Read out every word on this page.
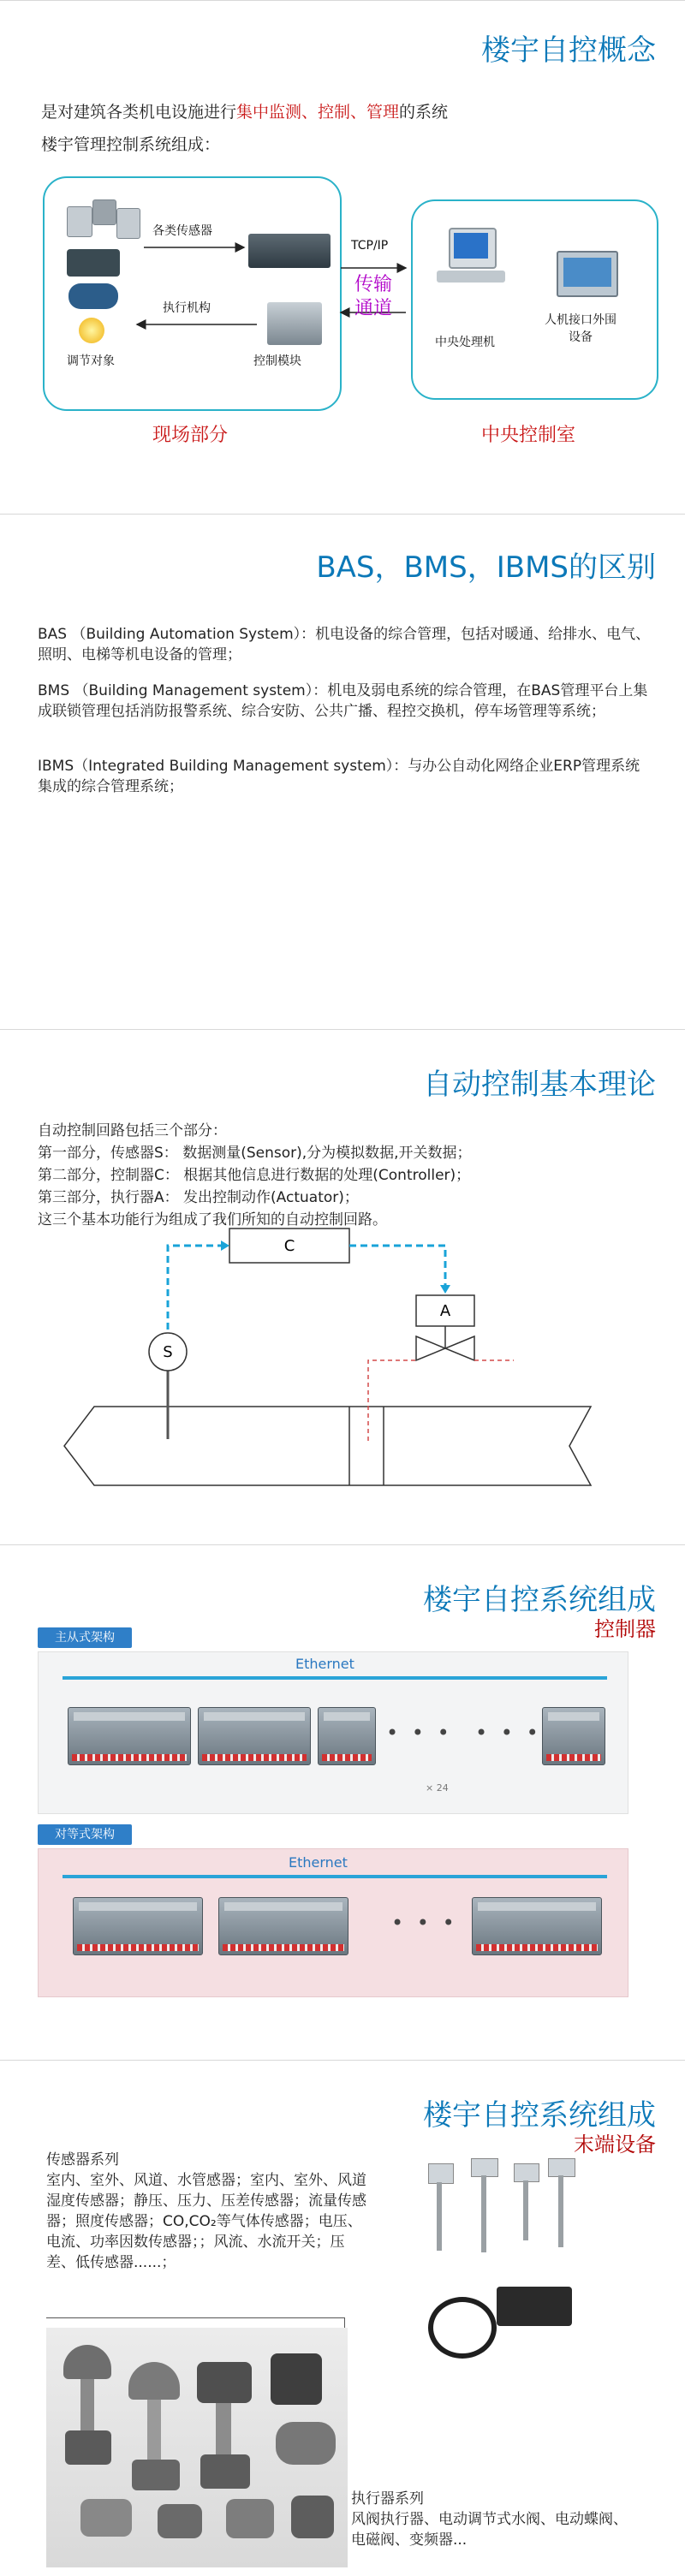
楼宇自控概念
是对建筑各类机电设施进行集中监测、控制、管理的系统
楼宇管理控制系统组成：
调节对象
各类传感器
执行机构
控制模块
TCP/IP
传输
通道
中央处理机
人机接口外围
设备
现场部分	中央控制室
BAS，BMS，IBMS的区别
BAS （Building Automation System）：机电设备的综合管理，包括对暖通、给排水、电气、照明、电梯等机电设备的管理；
BMS （Building Management system）：机电及弱电系统的综合管理，在BAS管理平台上集成联锁管理包括消防报警系统、综合安防、公共广播、程控交换机，停车场管理等系统；
IBMS（Integrated Building Management system）：与办公自动化网络企业ERP管理系统集成的综合管理系统；
自动控制基本理论
自动控制回路包括三个部分：
第一部分，传感器S： 数据测量(Sensor),分为模拟数据,开关数据；
第二部分，控制器C： 根据其他信息进行数据的处理(Controller)；
第三部分，执行器A： 发出控制动作(Actuator)；
这三个基本功能行为组成了我们所知的自动控制回路。
C
S
A
楼宇自控系统组成
控制器
主从式架构
Ethernet
• • • • • •
× 24
对等式架构
Ethernet
• • •
楼宇自控系统组成
末端设备
传感器系列
室内、室外、风道、水管感器；室内、室外、风道湿度传感器；静压、压力、压差传感器；流量传感器；照度传感器；CO,CO₂等气体传感器；电压、电流、功率因数传感器；；风流、水流开关；压差、低传感器......；
执行器系列
风阀执行器、电动调节式水阀、电动蝶阀、电磁阀、变频器...
